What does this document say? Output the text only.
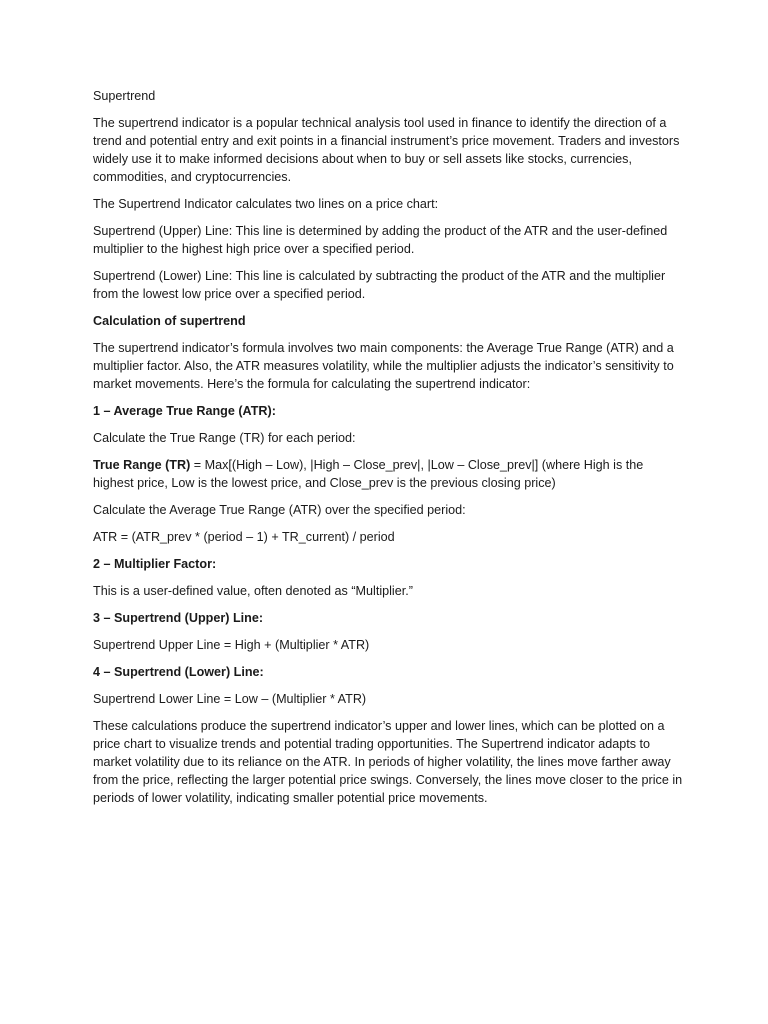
Supertrend

The supertrend indicator is a popular technical analysis tool used in finance to identify the direction of a trend and potential entry and exit points in a financial instrument’s price movement. Traders and investors widely use it to make informed decisions about when to buy or sell assets like stocks, currencies, commodities, and cryptocurrencies.

The Supertrend Indicator calculates two lines on a price chart:

Supertrend (Upper) Line: This line is determined by adding the product of the ATR and the user-defined multiplier to the highest high price over a specified period.

Supertrend (Lower) Line: This line is calculated by subtracting the product of the ATR and the multiplier from the lowest low price over a specified period.

Calculation of supertrend

The supertrend indicator’s formula involves two main components: the Average True Range (ATR) and a multiplier factor. Also, the ATR measures volatility, while the multiplier adjusts the indicator’s sensitivity to market movements. Here’s the formula for calculating the supertrend indicator:

1 – Average True Range (ATR):

Calculate the True Range (TR) for each period:

True Range (TR) = Max[(High – Low), |High – Close_prev|, |Low – Close_prev|] (where High is the highest price, Low is the lowest price, and Close_prev is the previous closing price)

Calculate the Average True Range (ATR) over the specified period:

ATR = (ATR_prev * (period – 1) + TR_current) / period

2 – Multiplier Factor:

This is a user-defined value, often denoted as “Multiplier.”

3 – Supertrend (Upper) Line:

Supertrend Upper Line = High + (Multiplier * ATR)

4 – Supertrend (Lower) Line:

Supertrend Lower Line = Low – (Multiplier * ATR)

These calculations produce the supertrend indicator’s upper and lower lines, which can be plotted on a price chart to visualize trends and potential trading opportunities. The Supertrend indicator adapts to market volatility due to its reliance on the ATR. In periods of higher volatility, the lines move farther away from the price, reflecting the larger potential price swings. Conversely, the lines move closer to the price in periods of lower volatility, indicating smaller potential price movements.
